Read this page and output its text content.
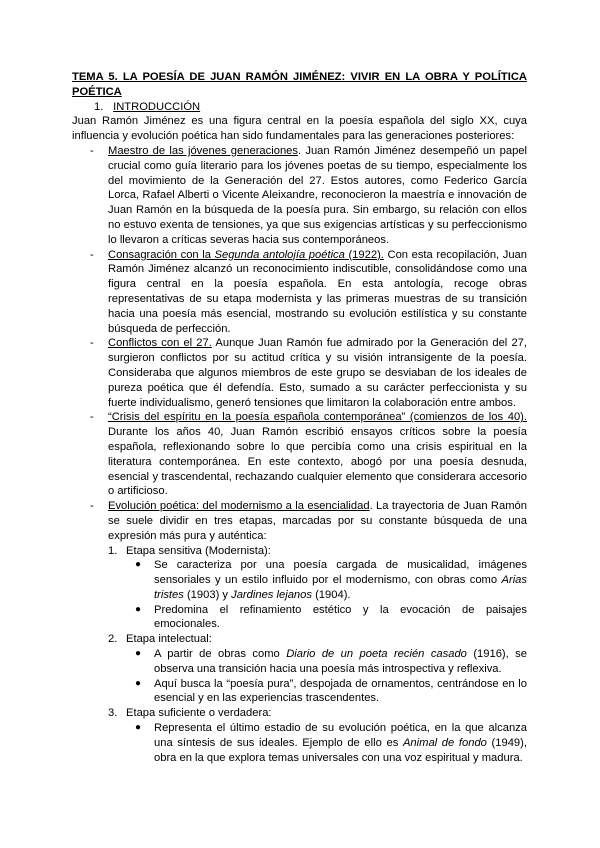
TEMA 5. LA POESÍA DE JUAN RAMÓN JIMÉNEZ: VIVIR EN LA OBRA Y POLÍTICA POÉTICA

1. INTRODUCCIÓN

Juan Ramón Jiménez es una figura central en la poesía española del siglo XX, cuya influencia y evolución poética han sido fundamentales para las generaciones posteriores:

- Maestro de las jóvenes generaciones. Juan Ramón Jiménez desempeñó un papel crucial como guía literario para los jóvenes poetas de su tiempo, especialmente los del movimiento de la Generación del 27. Estos autores, como Federico García Lorca, Rafael Alberti o Vicente Aleixandre, reconocieron la maestría e innovación de Juan Ramón en la búsqueda de la poesía pura. Sin embargo, su relación con ellos no estuvo exenta de tensiones, ya que sus exigencias artísticas y su perfeccionismo lo llevaron a críticas severas hacia sus contemporáneos.
- Consagración con la Segunda antolojía poética (1922). Con esta recopilación, Juan Ramón Jiménez alcanzó un reconocimiento indiscutible, consolidándose como una figura central en la poesía española. En esta antología, recoge obras representativas de su etapa modernista y las primeras muestras de su transición hacia una poesía más esencial, mostrando su evolución estilística y su constante búsqueda de perfección.
- Conflictos con el 27. Aunque Juan Ramón fue admirado por la Generación del 27, surgieron conflictos por su actitud crítica y su visión intransigente de la poesía. Consideraba que algunos miembros de este grupo se desviaban de los ideales de pureza poética que él defendía. Esto, sumado a su carácter perfeccionista y su fuerte individualismo, generó tensiones que limitaron la colaboración entre ambos.
- “Crisis del espíritu en la poesía española contemporánea” (comienzos de los 40). Durante los años 40, Juan Ramón escribió ensayos críticos sobre la poesía española, reflexionando sobre lo que percibía como una crisis espiritual en la literatura contemporánea. En este contexto, abogó por una poesía desnuda, esencial y trascendental, rechazando cualquier elemento que considerara accesorio o artificioso.
- Evolución poética: del modernismo a la esencialidad. La trayectoria de Juan Ramón se suele dividir en tres etapas, marcadas por su constante búsqueda de una expresión más pura y auténtica:
1. Etapa sensitiva (Modernista):
● Se caracteriza por una poesía cargada de musicalidad, imágenes sensoriales y un estilo influido por el modernismo, con obras como Arias tristes (1903) y Jardines lejanos (1904).
● Predomina el refinamiento estético y la evocación de paisajes emocionales.
2. Etapa intelectual:
● A partir de obras como Diario de un poeta recién casado (1916), se observa una transición hacia una poesía más introspectiva y reflexiva.
● Aquí busca la “poesía pura”, despojada de ornamentos, centrándose en lo esencial y en las experiencias trascendentes.
3. Etapa suficiente o verdadera:
● Representa el último estadio de su evolución poética, en la que alcanza una síntesis de sus ideales. Ejemplo de ello es Animal de fondo (1949), obra en la que explora temas universales con una voz espiritual y madura.
